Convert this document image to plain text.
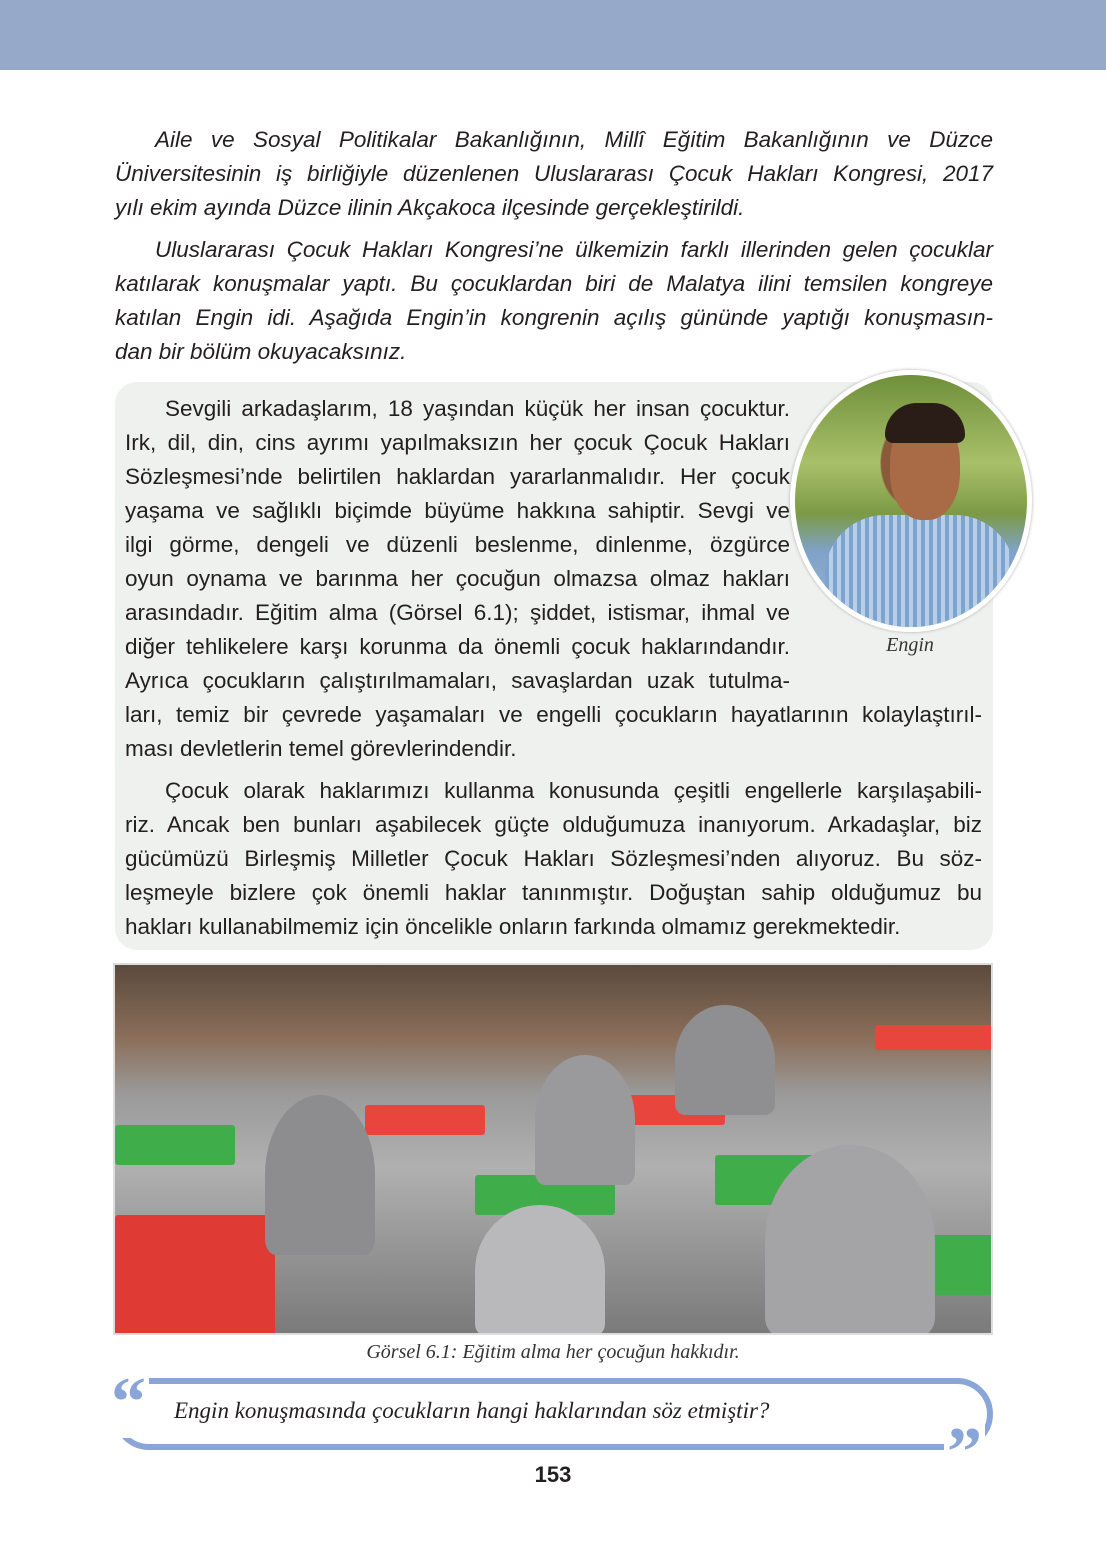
Aile ve Sosyal Politikalar Bakanlığının, Millî Eğitim Bakanlığının ve Düzce
Üniversitesinin iş birliğiyle düzenlenen Uluslararası Çocuk Hakları Kongresi, 2017
yılı ekim ayında Düzce ilinin Akçakoca ilçesinde gerçekleştirildi.
Uluslararası Çocuk Hakları Kongresi’ne ülkemizin farklı illerinden gelen çocuklar
katılarak konuşmalar yaptı. Bu çocuklardan biri de Malatya ilini temsilen kongreye
katılan Engin idi. Aşağıda Engin’in kongrenin açılış gününde yaptığı konuşmasın-
dan bir bölüm okuyacaksınız.
Sevgili arkadaşlarım, 18 yaşından küçük her insan çocuktur.
Irk, dil, din, cins ayrımı yapılmaksızın her çocuk Çocuk Hakları
Sözleşmesi’nde belirtilen haklardan yararlanmalıdır. Her çocuk
yaşama ve sağlıklı biçimde büyüme hakkına sahiptir. Sevgi ve
ilgi görme, dengeli ve düzenli beslenme, dinlenme, özgürce
oyun oynama ve barınma her çocuğun olmazsa olmaz hakları
arasındadır. Eğitim alma (Görsel 6.1); şiddet, istismar, ihmal ve
diğer tehlikelere karşı korunma da önemli çocuk haklarındandır.
Ayrıca çocukların çalıştırılmamaları, savaşlardan uzak tutulma-
ları, temiz bir çevrede yaşamaları ve engelli çocukların hayatlarının kolaylaştırıl-
ması devletlerin temel görevlerindendir.
Çocuk olarak haklarımızı kullanma konusunda çeşitli engellerle karşılaşabili-
riz. Ancak ben bunları aşabilecek güçte olduğumuza inanıyorum. Arkadaşlar, biz
gücümüzü Birleşmiş Milletler Çocuk Hakları Sözleşmesi’nden alıyoruz. Bu söz-
leşmeyle bizlere çok önemli haklar tanınmıştır. Doğuştan sahip olduğumuz bu
hakları kullanabilmemiz için öncelikle onların farkında olmamız gerekmektedir.
Engin
Görsel 6.1: Eğitim alma her çocuğun hakkıdır.
Engin konuşmasında çocukların hangi haklarından söz etmiştir?
“
”
153
